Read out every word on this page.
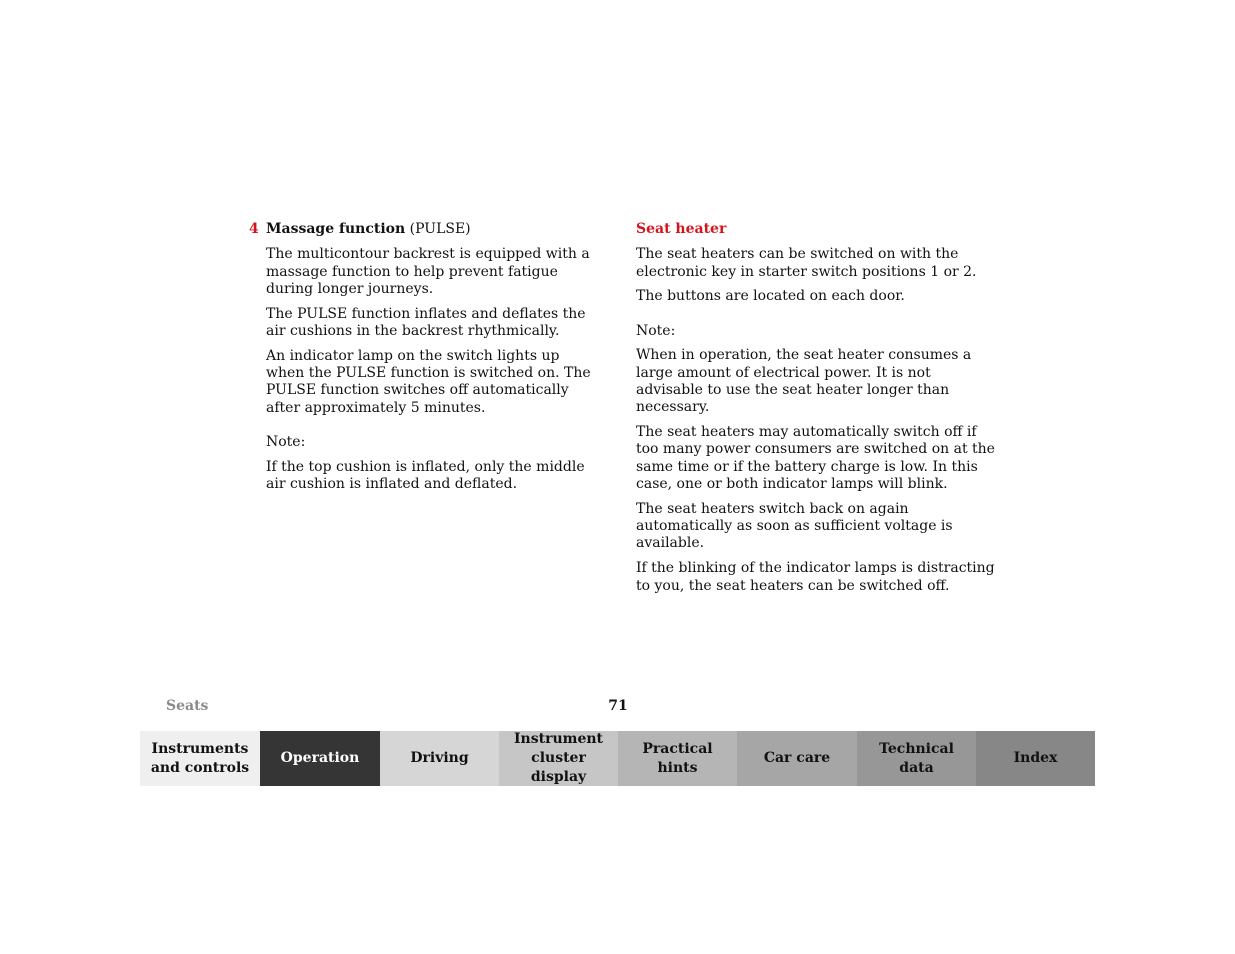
4 Massage function (PULSE)

The multicontour backrest is equipped with a massage function to help prevent fatigue during longer journeys.

The PULSE function inflates and deflates the air cushions in the backrest rhythmically.

An indicator lamp on the switch lights up when the PULSE function is switched on. The PULSE function switches off automatically after approximately 5 minutes.

Note:

If the top cushion is inflated, only the middle air cushion is inflated and deflated.

Seat heater

The seat heaters can be switched on with the electronic key in starter switch positions 1 or 2.

The buttons are located on each door.

Note:

When in operation, the seat heater consumes a large amount of electrical power. It is not advisable to use the seat heater longer than necessary.

The seat heaters may automatically switch off if too many power consumers are switched on at the same time or if the battery charge is low. In this case, one or both indicator lamps will blink.

The seat heaters switch back on again automatically as soon as sufficient voltage is available.

If the blinking of the indicator lamps is distracting to you, the seat heaters can be switched off.

Seats	71
Instruments
and controls
Operation	Driving
Instrument
cluster display
Practical hints
Car care
Technical
data
Index
